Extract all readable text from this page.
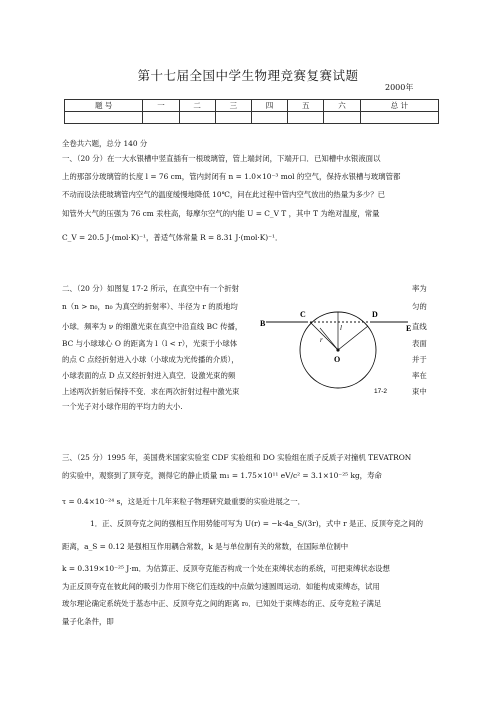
第十七届全国中学生物理竞赛复赛试题
2000年
题 号	一	二	三	四	五	六	总 计

全卷共六题，总分 140 分
一、（20 分）在一大水银槽中竖直插有一根玻璃管，管上端封闭，下端开口．已知槽中水银液面以
上的那部分玻璃管的长度 l = 76 cm，管内封闭有 n = 1.0×10⁻³ mol 的空气，保持水银槽与玻璃管都
不动而设法使玻璃管内空气的温度缓慢地降低 10℃，问在此过程中管内空气放出的热量为多少？已
知管外大气的压强为 76 cm 汞柱高，每摩尔空气的内能 U = C_V T ，其中 T 为绝对温度，常量
C_V = 20.5 J·(mol·K)⁻¹，普适气体常量 R = 8.31 J·(mol·K)⁻¹．
二、（20 分）如图复 17-2 所示，在真空中有一个折射
n（n > n₀，n₀ 为真空的折射率）、半径为 r 的质地均
小球．频率为 ν 的细激光束在真空中沿直线 BC 传播，
BC 与小球球心 O 的距离为 l（l < r），光束于小球体
的点 C 点经折射进入小球（小球成为光传播的介质），
小球表面的点 D 点又经折射进入真空．设激光束的频
上述两次折射后保持不变．求在两次折射过程中激光束
一个光子对小球作用的平均力的大小.
率为
匀的
直线
表面
并于
率在
束中
B
C	D
E
O
r
l
17-2
三、（25 分）1995 年，美国费米国家实验室 CDF 实验组和 DO 实验组在质子反质子对撞机 TEVATRON
的实验中，观察到了顶夸克，测得它的静止质量 m₁ = 1.75×10¹¹ eV/c² = 3.1×10⁻²⁵ kg，寿命
τ = 0.4×10⁻²⁴ s，这是近十几年来粒子物理研究最重要的实验进展之一．
1．正、反顶夸克之间的强相互作用势能可写为 U(r) = −k·4a_S/(3r)，式中 r 是正、反顶夸克之间的
距离，a_S = 0.12 是强相互作用耦合常数，k 是与单位制有关的常数，在国际单位制中
k = 0.319×10⁻²⁵ J·m．为估算正、反顶夸克能否构成一个处在束缚状态的系统，可把束缚状态设想
为正反顶夸克在彼此间的吸引力作用下绕它们连线的中点做匀速圆周运动．如能构成束缚态，试用
玻尔理论确定系统处于基态中正、反顶夸克之间的距离 r₀．已知处于束缚态的正、反夸克粒子满足
量子化条件，即
